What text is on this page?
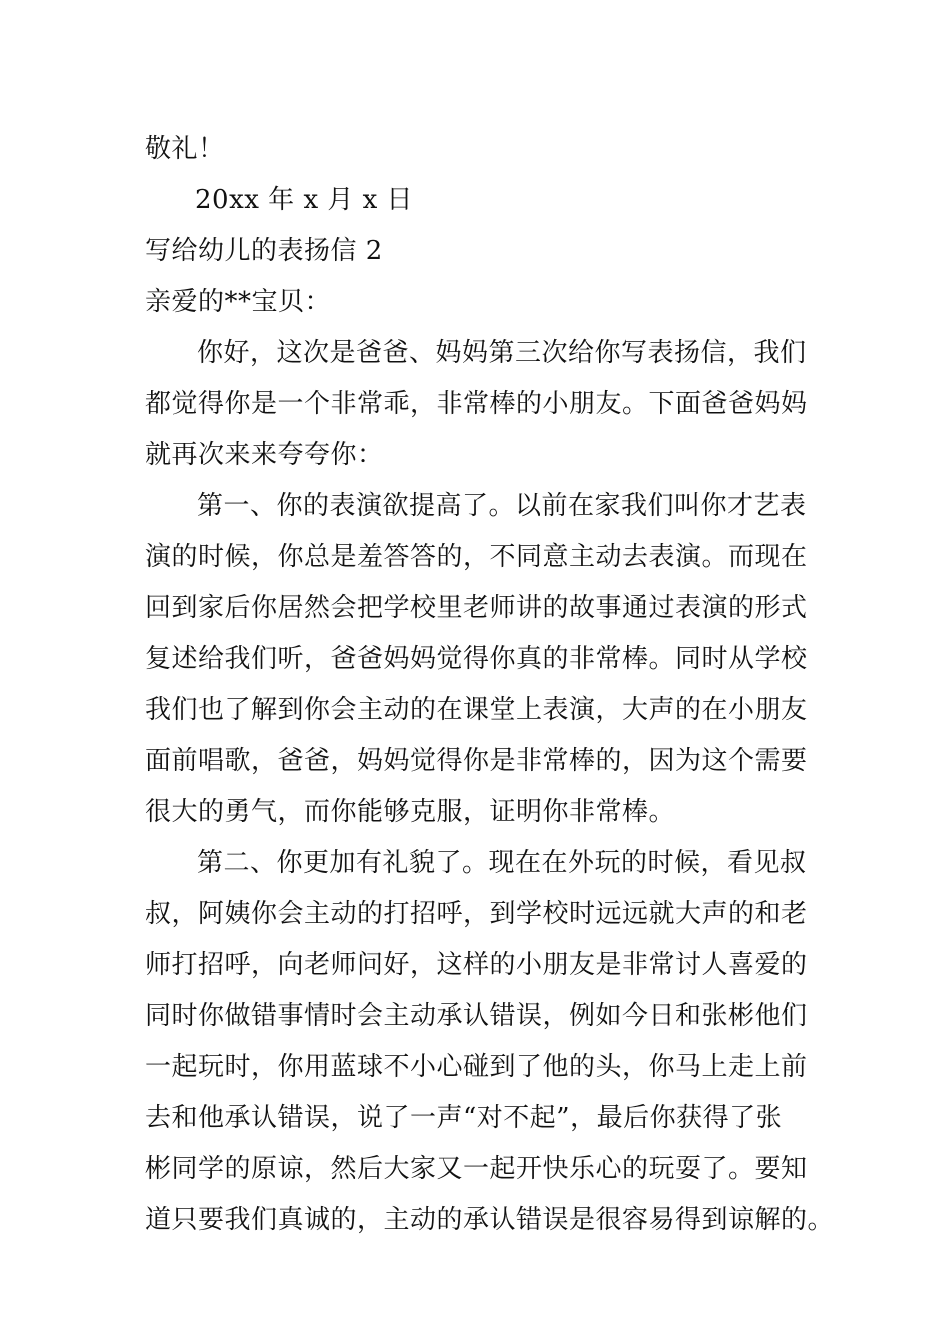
敬礼！
20xx 年 x 月 x 日
写给幼儿的表扬信 2
亲爱的**宝贝：
你好，这次是爸爸、妈妈第三次给你写表扬信，我们
都觉得你是一个非常乖，非常棒的小朋友。下面爸爸妈妈
就再次来来夸夸你：
第一、你的表演欲提高了。以前在家我们叫你才艺表
演的时候，你总是羞答答的，不同意主动去表演。而现在
回到家后你居然会把学校里老师讲的故事通过表演的形式
复述给我们听，爸爸妈妈觉得你真的非常棒。同时从学校
我们也了解到你会主动的在课堂上表演，大声的在小朋友
面前唱歌，爸爸，妈妈觉得你是非常棒的，因为这个需要
很大的勇气，而你能够克服，证明你非常棒。
第二、你更加有礼貌了。现在在外玩的时候，看见叔
叔，阿姨你会主动的打招呼，到学校时远远就大声的和老
师打招呼，向老师问好，这样的小朋友是非常讨人喜爱的
同时你做错事情时会主动承认错误，例如今日和张彬他们
一起玩时，你用蓝球不小心碰到了他的头，你马上走上前
去和他承认错误，说了一声“对不起”，最后你获得了张
彬同学的原谅，然后大家又一起开快乐心的玩耍了。要知
道只要我们真诚的，主动的承认错误是很容易得到谅解的。
